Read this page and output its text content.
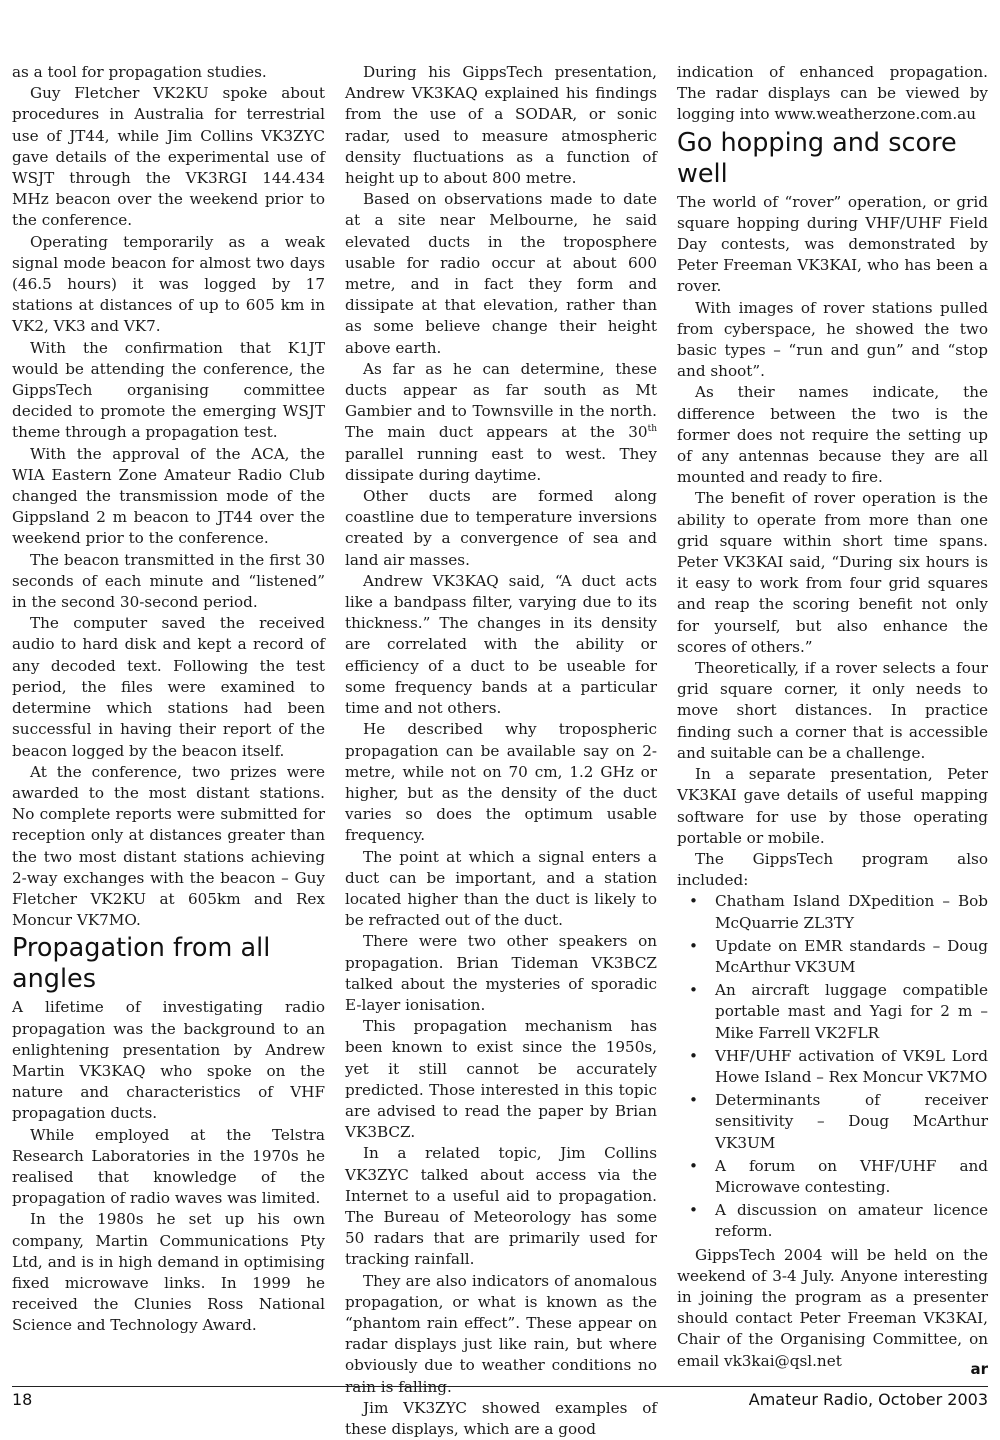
as a tool for propagation studies.

Guy Fletcher VK2KU spoke about procedures in Australia for terrestrial use of JT44, while Jim Collins VK3ZYC gave details of the experimental use of WSJT through the VK3RGI 144.434 MHz beacon over the weekend prior to the conference.

Operating temporarily as a weak signal mode beacon for almost two days (46.5 hours) it was logged by 17 stations at distances of up to 605 km in VK2, VK3 and VK7.

With the confirmation that K1JT would be attending the conference, the GippsTech organising committee decided to promote the emerging WSJT theme through a propagation test.

With the approval of the ACA, the WIA Eastern Zone Amateur Radio Club changed the transmission mode of the Gippsland 2 m beacon to JT44 over the weekend prior to the conference.

The beacon transmitted in the first 30 seconds of each minute and “listened” in the second 30-second period.

The computer saved the received audio to hard disk and kept a record of any decoded text. Following the test period, the files were examined to determine which stations had been successful in having their report of the beacon logged by the beacon itself.

At the conference, two prizes were awarded to the most distant stations. No complete reports were submitted for reception only at distances greater than the two most distant stations achieving 2-way exchanges with the beacon – Guy Fletcher VK2KU at 605km and Rex Moncur VK7MO.

Propagation from all angles

A lifetime of investigating radio propagation was the background to an enlightening presentation by Andrew Martin VK3KAQ who spoke on the nature and characteristics of VHF propagation ducts.

While employed at the Telstra Research Laboratories in the 1970s he realised that knowledge of the propagation of radio waves was limited.

In the 1980s he set up his own company, Martin Communications Pty Ltd, and is in high demand in optimising fixed microwave links. In 1999 he received the Clunies Ross National Science and Technology Award.

During his GippsTech presentation, Andrew VK3KAQ explained his findings from the use of a SODAR, or sonic radar, used to measure atmospheric density fluctuations as a function of height up to about 800 metre.

Based on observations made to date at a site near Melbourne, he said elevated ducts in the troposphere usable for radio occur at about 600 metre, and in fact they form and dissipate at that elevation, rather than as some believe change their height above earth.

As far as he can determine, these ducts appear as far south as Mt Gambier and to Townsville in the north. The main duct appears at the 30th parallel running east to west. They dissipate during daytime.

Other ducts are formed along coastline due to temperature inversions created by a convergence of sea and land air masses.

Andrew VK3KAQ said, “A duct acts like a bandpass filter, varying due to its thickness.” The changes in its density are correlated with the ability or efficiency of a duct to be useable for some frequency bands at a particular time and not others.

He described why tropospheric propagation can be available say on 2-metre, while not on 70 cm, 1.2 GHz or higher, but as the density of the duct varies so does the optimum usable frequency.

The point at which a signal enters a duct can be important, and a station located higher than the duct is likely to be refracted out of the duct.

There were two other speakers on propagation. Brian Tideman VK3BCZ talked about the mysteries of sporadic E-layer ionisation.

This propagation mechanism has been known to exist since the 1950s, yet it still cannot be accurately predicted. Those interested in this topic are advised to read the paper by Brian VK3BCZ.

In a related topic, Jim Collins VK3ZYC talked about access via the Internet to a useful aid to propagation. The Bureau of Meteorology has some 50 radars that are primarily used for tracking rainfall.

They are also indicators of anomalous propagation, or what is known as the “phantom rain effect”. These appear on radar displays just like rain, but where obviously due to weather conditions no rain is falling.

Jim VK3ZYC showed examples of these displays, which are a good

indication of enhanced propagation. The radar displays can be viewed by logging into www.weatherzone.com.au

Go hopping and score well

The world of “rover” operation, or grid square hopping during VHF/UHF Field Day contests, was demonstrated by Peter Freeman VK3KAI, who has been a rover.

With images of rover stations pulled from cyberspace, he showed the two basic types – “run and gun” and “stop and shoot”.

As their names indicate, the difference between the two is the former does not require the setting up of any antennas because they are all mounted and ready to fire.

The benefit of rover operation is the ability to operate from more than one grid square within short time spans. Peter VK3KAI said, “During six hours is it easy to work from four grid squares and reap the scoring benefit not only for yourself, but also enhance the scores of others.”

Theoretically, if a rover selects a four grid square corner, it only needs to move short distances. In practice finding such a corner that is accessible and suitable can be a challenge.

In a separate presentation, Peter VK3KAI gave details of useful mapping software for use by those operating portable or mobile.

The GippsTech program also included:

• Chatham Island DXpedition – Bob McQuarrie ZL3TY
• Update on EMR standards – Doug McArthur VK3UM
• An aircraft luggage compatible portable mast and Yagi for 2 m – Mike Farrell VK2FLR
• VHF/UHF activation of VK9L Lord Howe Island – Rex Moncur VK7MO
• Determinants of receiver sensitivity – Doug McArthur VK3UM
• A forum on VHF/UHF and Microwave contesting.
• A discussion on amateur licence reform.

GippsTech 2004 will be held on the weekend of 3-4 July. Anyone interesting in joining the program as a presenter should contact Peter Freeman VK3KAI, Chair of the Organising Committee, on email vk3kai@qsl.net	ar
18	Amateur Radio, October 2003
